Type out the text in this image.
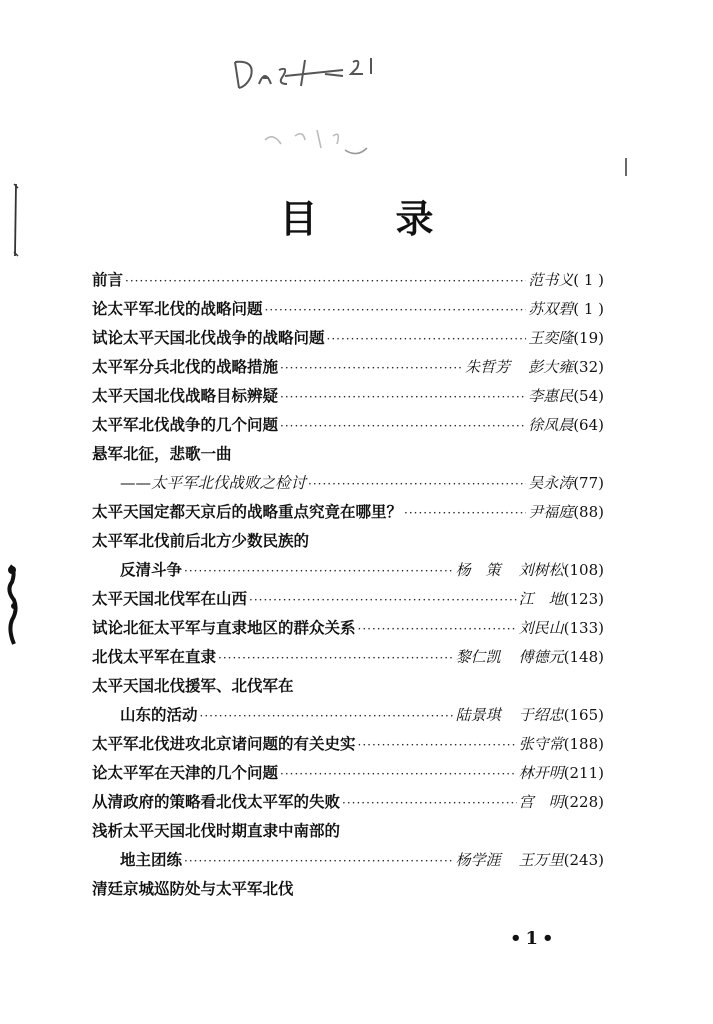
目录
前言 ·····	范书义 ( 1 )
论太平军北伐的战略问题 ·····	苏双碧 ( 1 )
试论太平天国北伐战争的战略问题 ·····	王奕隆 (19)
太平军分兵北伐的战略措施 ·····	朱哲芳 彭大雍 (32)
太平天国北伐战略目标辨疑 ·····	李惠民 (54)
太平军北伐战争的几个问题 ·····	徐凤晨 (64)
悬军北征，悲歌一曲
——太平军北伐战败之检讨 ·····	吴永涛 (77)
太平天国定都天京后的战略重点究竟在哪里？ ·····	尹福庭 (88)
太平军北伐前后北方少数民族的
反清斗争 ·····	杨　策 刘树松 (108)
太平天国北伐军在山西 ·····	江　地 (123)
试论北征太平军与直隶地区的群众关系 ·····	刘民山 (133)
北伐太平军在直隶 ·····	黎仁凯 傅德元 (148)
太平天国北伐援军、北伐军在
山东的活动 ·····	陆景琪 于绍忠 (165)
太平军北伐进攻北京诸问题的有关史实 ·····	张守常 (188)
论太平军在天津的几个问题 ·····	林开明 (211)
从清政府的策略看北伐太平军的失败 ·····	宫　明 (228)
浅析太平天国北伐时期直隶中南部的
地主团练 ·····	杨学涯 王万里 (243)
清廷京城巡防处与太平军北伐
•1•
